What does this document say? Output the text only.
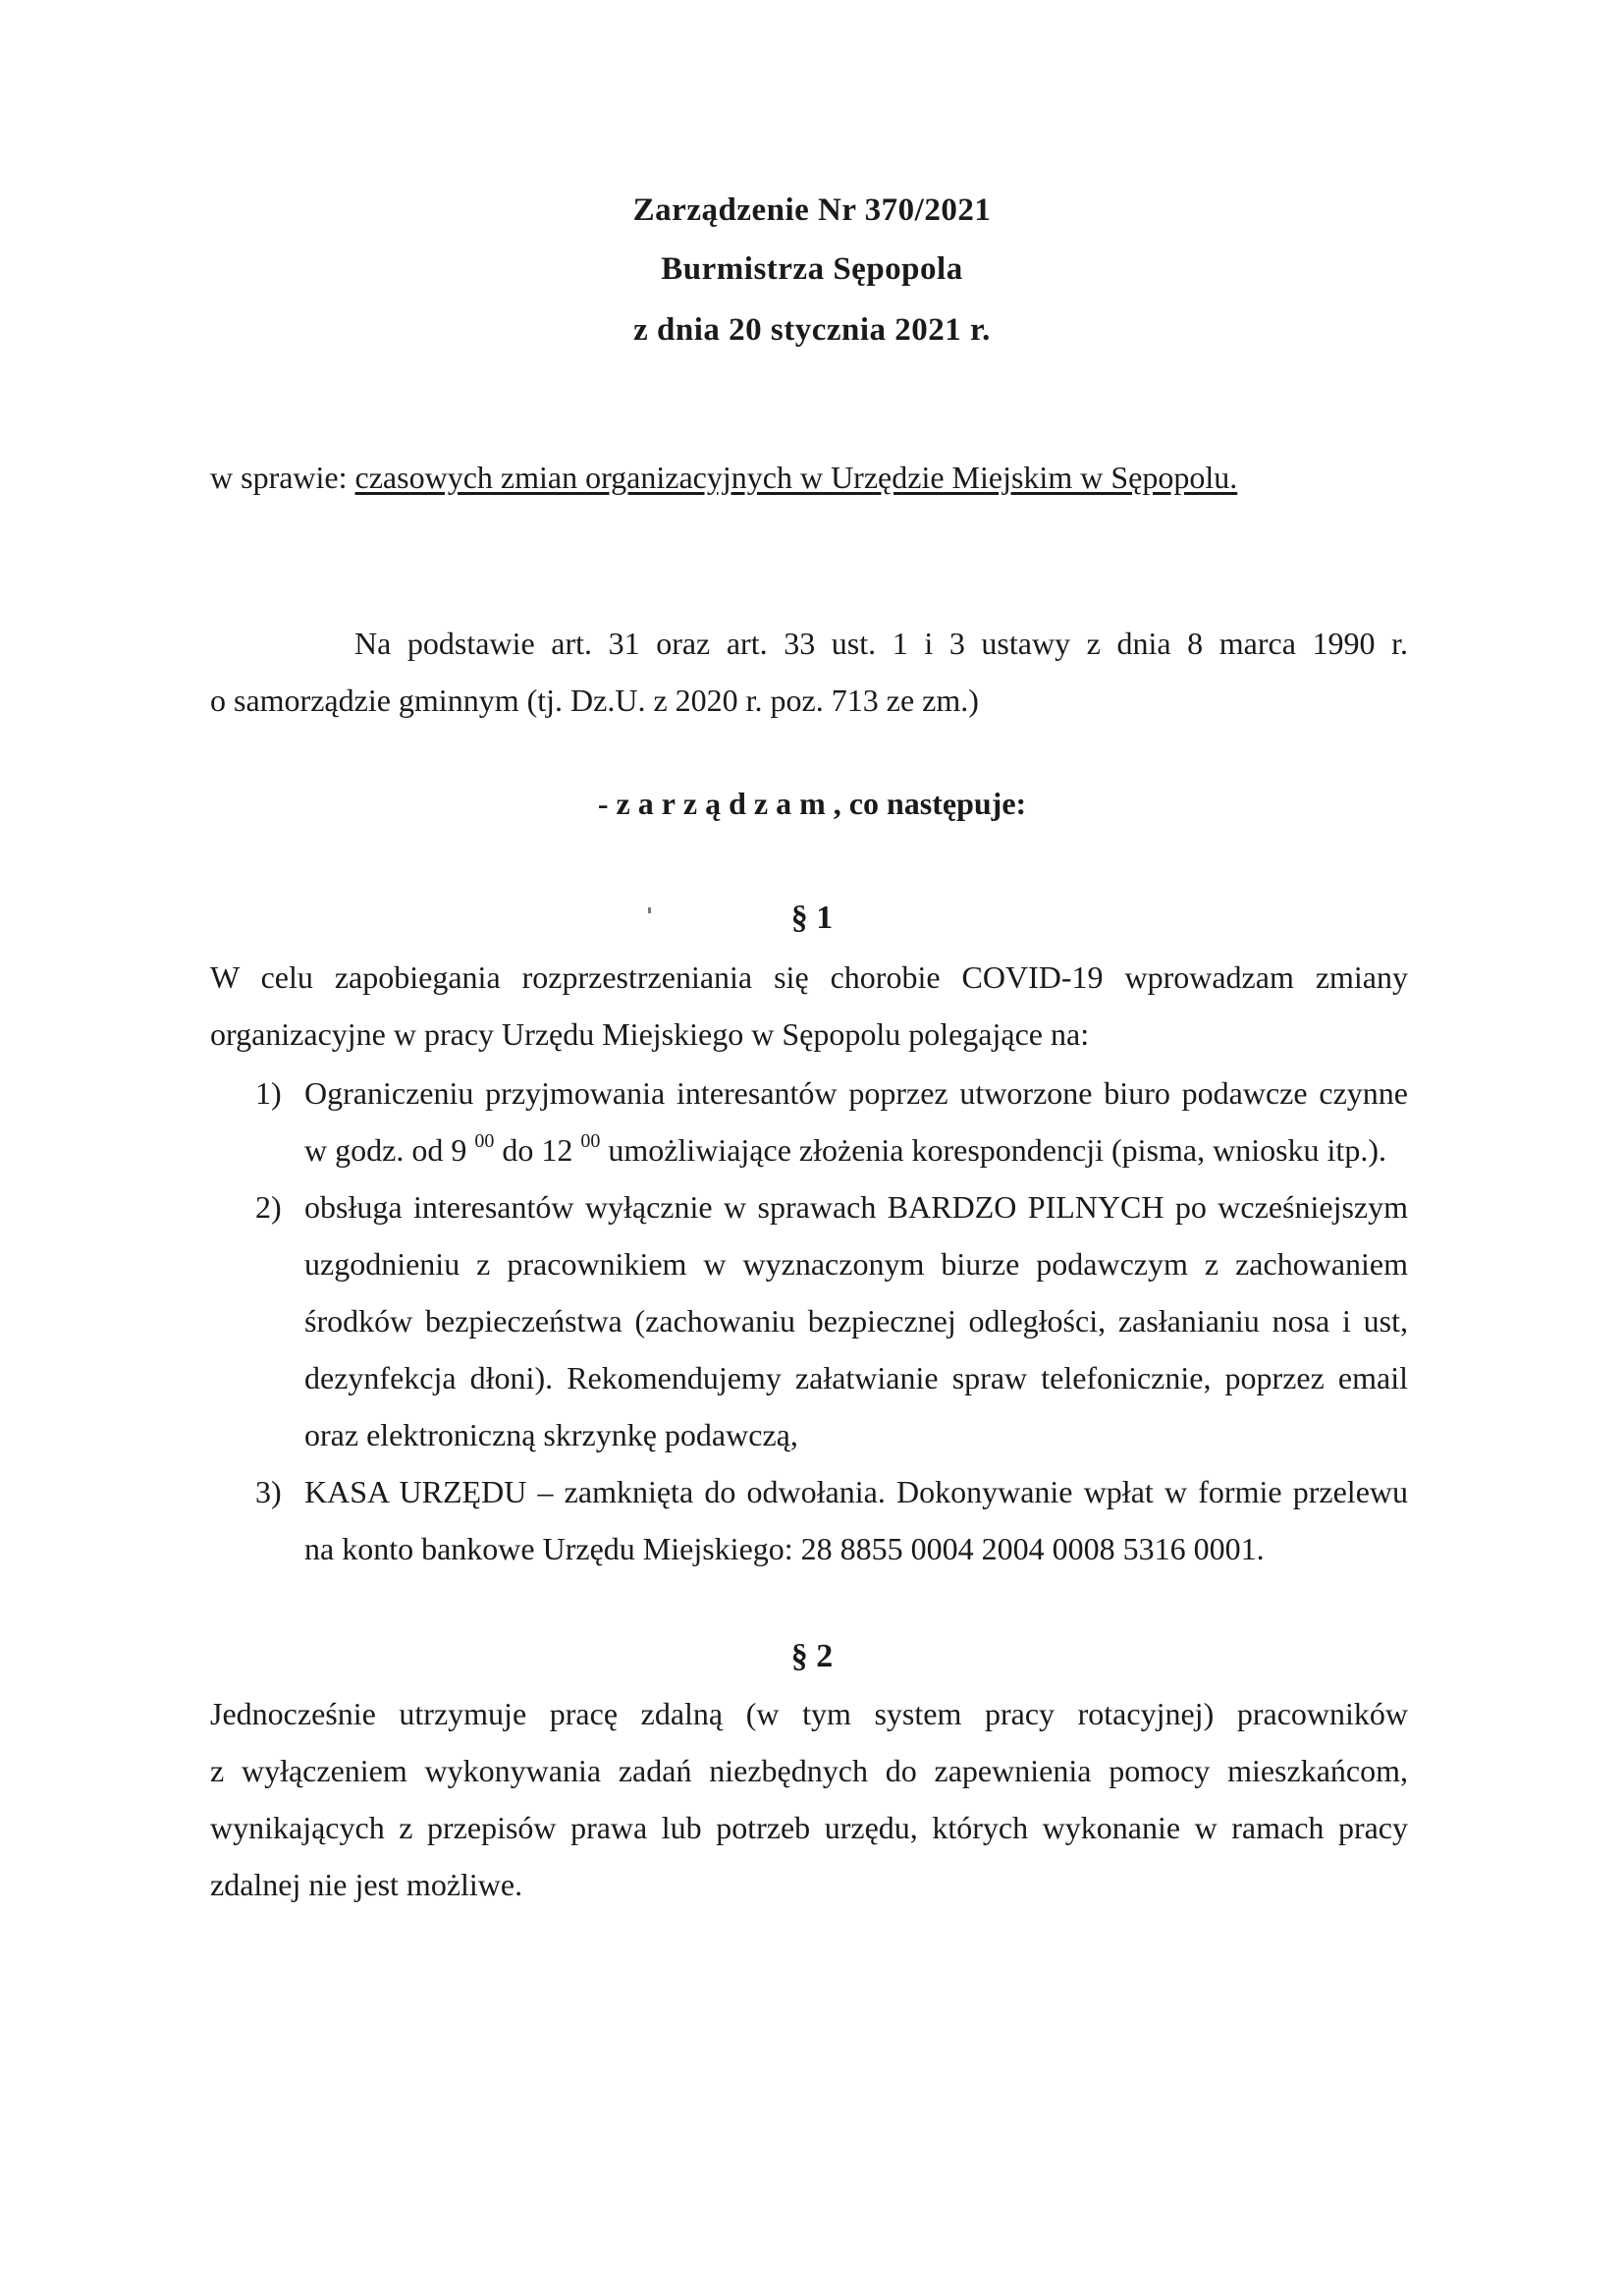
Zarządzenie Nr 370/2021
Burmistrza Sępopola
z dnia 20 stycznia 2021 r.
w sprawie: czasowych zmian organizacyjnych w Urzędzie Miejskim w Sępopolu.
Na podstawie art. 31 oraz art. 33 ust. 1 i 3 ustawy z dnia 8 marca 1990 r.
o samorządzie gminnym (tj. Dz.U. z 2020 r. poz. 713 ze zm.)
- zarządzam, co następuje:
§ 1
W celu zapobiegania rozprzestrzeniania się chorobie COVID-19 wprowadzam zmiany
organizacyjne w pracy Urzędu Miejskiego w Sępopolu polegające na:
1) Ograniczeniu przyjmowania interesantów poprzez utworzone biuro podawcze czynne
w godz. od 9 $^{00}$ do 12 $^{00}$ umożliwiające złożenia korespondencji (pisma, wniosku itp.).
2) obsługa interesantów wyłącznie w sprawach BARDZO PILNYCH po wcześniejszym
uzgodnieniu z pracownikiem w wyznaczonym biurze podawczym z zachowaniem
środków bezpieczeństwa (zachowaniu bezpiecznej odległości, zasłanianiu nosa i ust,
dezynfekcja dłoni). Rekomendujemy załatwianie spraw telefonicznie, poprzez email
oraz elektroniczną skrzynkę podawczą,
3) KASA URZĘDU – zamknięta do odwołania. Dokonywanie wpłat w formie przelewu
na konto bankowe Urzędu Miejskiego: 28 8855 0004 2004 0008 5316 0001.
§ 2
Jednocześnie utrzymuje pracę zdalną (w tym system pracy rotacyjnej) pracowników
z wyłączeniem wykonywania zadań niezbędnych do zapewnienia pomocy mieszkańcom,
wynikających z przepisów prawa lub potrzeb urzędu, których wykonanie w ramach pracy
zdalnej nie jest możliwe.
